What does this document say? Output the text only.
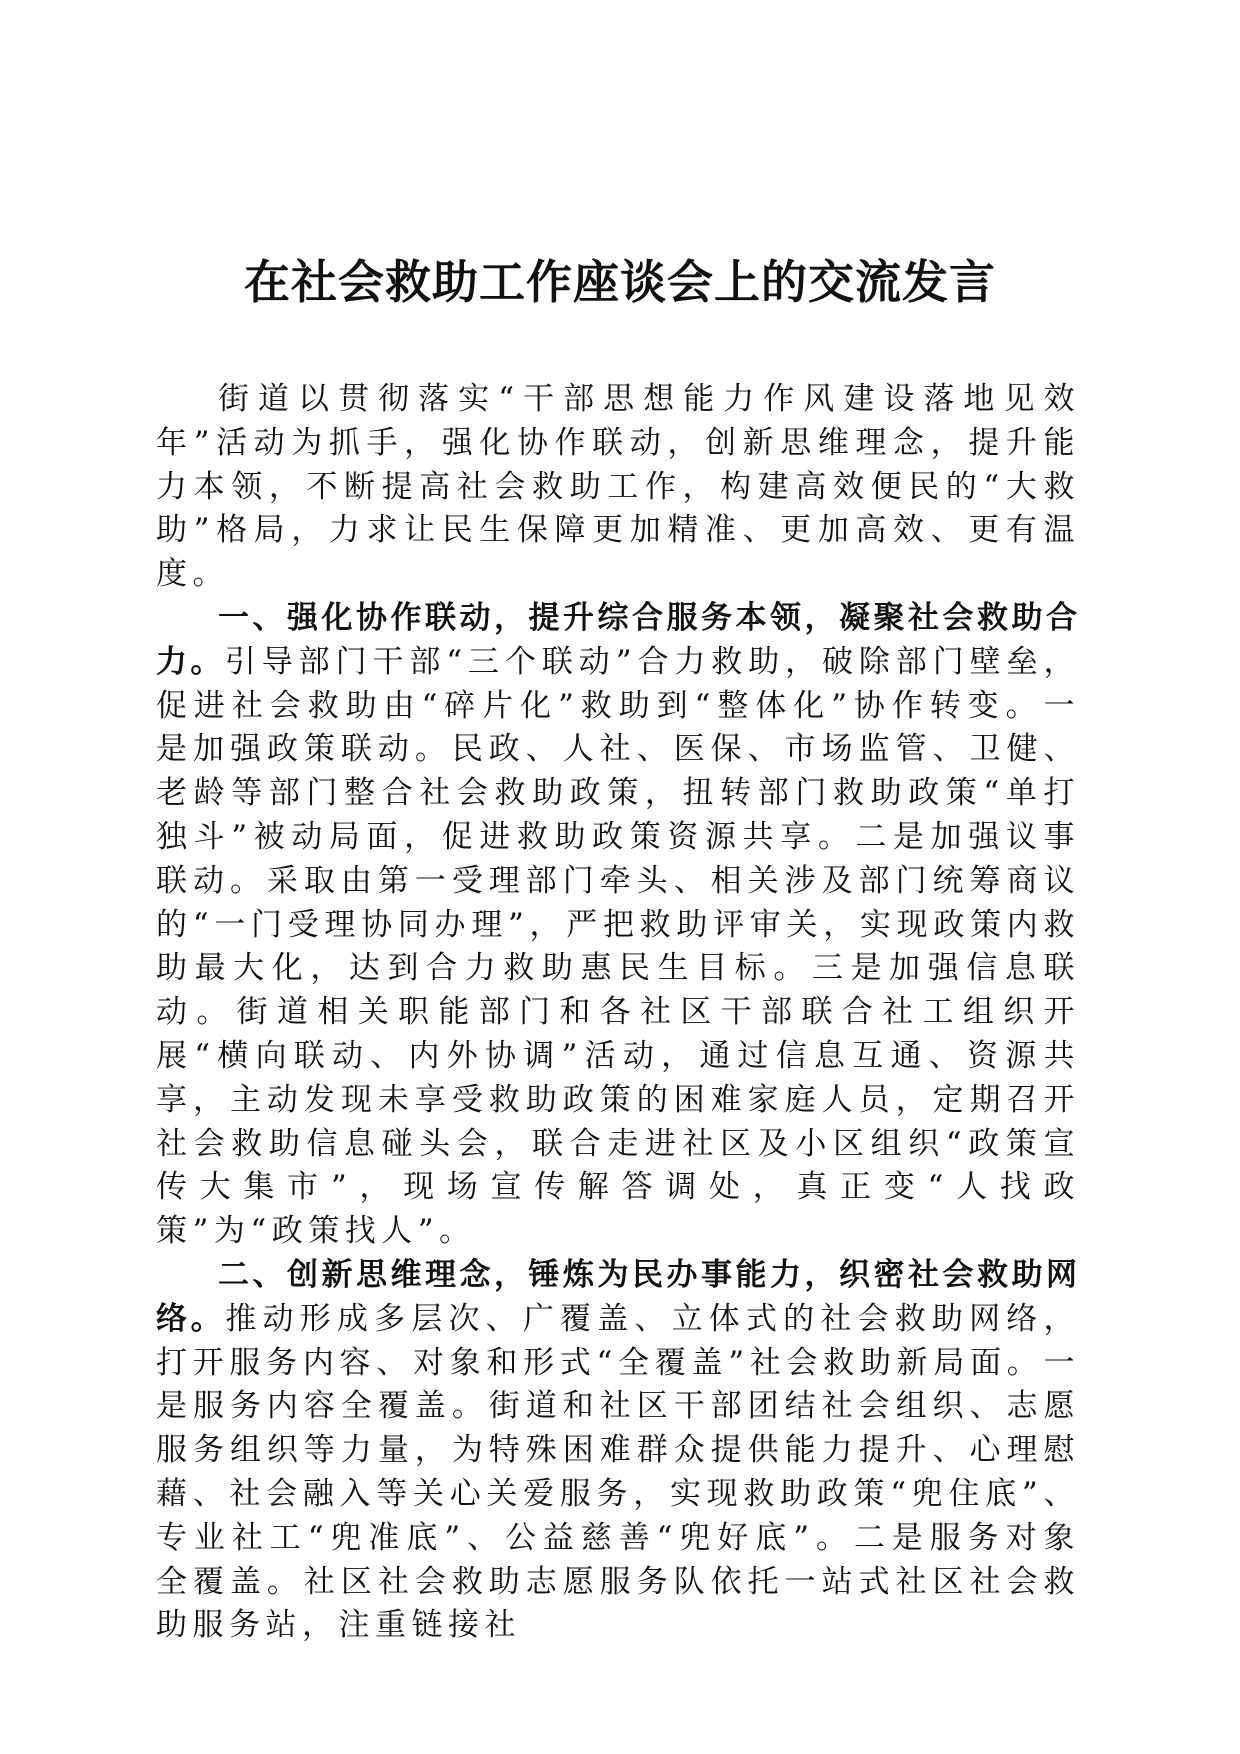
在社会救助工作座谈会上的交流发言

街道以贯彻落实“干部思想能力作风建设落地见效年”活动为抓手，强化协作联动，创新思维理念，提升能力本领，不断提高社会救助工作，构建高效便民的“大救助”格局，力求让民生保障更加精准、更加高效、更有温度。

一、强化协作联动，提升综合服务本领，凝聚社会救助合力。引导部门干部“三个联动”合力救助，破除部门壁垒，促进社会救助由“碎片化”救助到“整体化”协作转变。一是加强政策联动。民政、人社、医保、市场监管、卫健、老龄等部门整合社会救助政策，扭转部门救助政策“单打独斗”被动局面，促进救助政策资源共享。二是加强议事联动。采取由第一受理部门牵头、相关涉及部门统筹商议的“一门受理协同办理”，严把救助评审关，实现政策内救助最大化，达到合力救助惠民生目标。三是加强信息联动。街道相关职能部门和各社区干部联合社工组织开展“横向联动、内外协调”活动，通过信息互通、资源共享，主动发现未享受救助政策的困难家庭人员，定期召开社会救助信息碰头会，联合走进社区及小区组织“政策宣传大集市”，现场宣传解答调处，真正变“人找政策”为“政策找人”。

二、创新思维理念，锤炼为民办事能力，织密社会救助网络。推动形成多层次、广覆盖、立体式的社会救助网络，打开服务内容、对象和形式“全覆盖”社会救助新局面。一是服务内容全覆盖。街道和社区干部团结社会组织、志愿服务组织等力量，为特殊困难群众提供能力提升、心理慰藉、社会融入等关心关爱服务，实现救助政策“兜住底”、专业社工“兜准底”、公益慈善“兜好底”。二是服务对象全覆盖。社区社会救助志愿服务队依托一站式社区社会救助服务站，注重链接社
